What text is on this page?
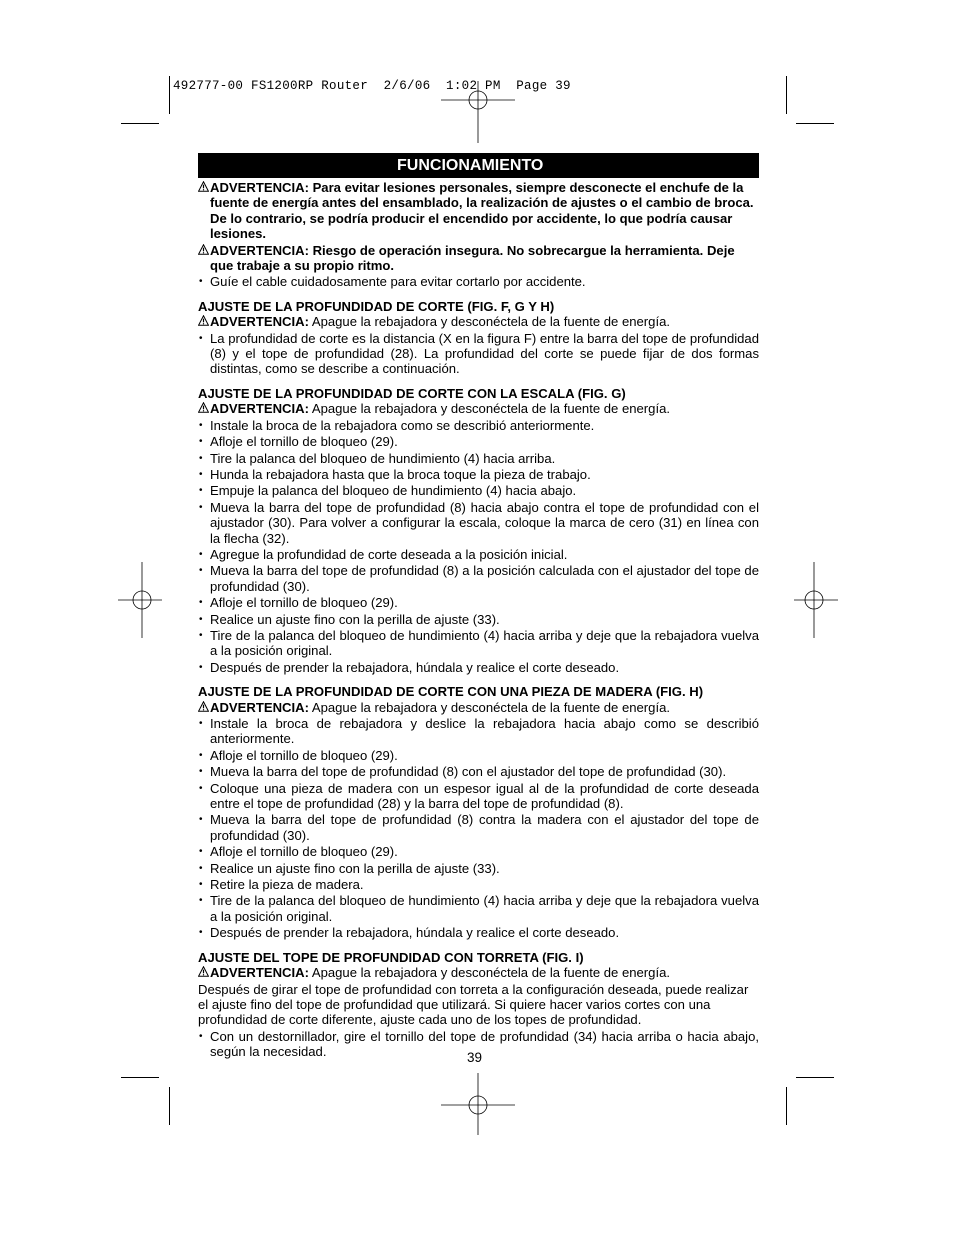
492777-00 FS1200RP Router  2/6/06  1:02 PM  Page 39
FUNCIONAMIENTO
ADVERTENCIA: Para evitar lesiones personales, siempre desconecte el enchufe de la fuente de energía antes del ensamblado, la realización de ajustes o el cambio de broca. De lo contrario, se podría producir el encendido por accidente, lo que podría causar lesiones.
ADVERTENCIA: Riesgo de operación insegura. No sobrecargue la herramienta. Deje que trabaje a su propio ritmo.
• Guíe el cable cuidadosamente para evitar cortarlo por accidente.
AJUSTE DE LA PROFUNDIDAD DE CORTE (FIG. F, G Y H)
ADVERTENCIA: Apague la rebajadora y desconéctela de la fuente de energía.
• La profundidad de corte es la distancia (X en la figura F) entre la barra del tope de profundidad (8) y el tope de profundidad (28). La profundidad del corte se puede fijar de dos formas distintas, como se describe a continuación.
AJUSTE DE LA PROFUNDIDAD DE CORTE CON LA ESCALA (FIG. G)
ADVERTENCIA: Apague la rebajadora y desconéctela de la fuente de energía.
• Instale la broca de la rebajadora como se describió anteriormente.
• Afloje el tornillo de bloqueo (29).
• Tire la palanca del bloqueo de hundimiento (4) hacia arriba.
• Hunda la rebajadora hasta que la broca toque la pieza de trabajo.
• Empuje la palanca del bloqueo de hundimiento (4) hacia abajo.
• Mueva la barra del tope de profundidad (8) hacia abajo contra el tope de profundidad con el ajustador (30). Para volver a configurar la escala, coloque la marca de cero (31) en línea con la flecha (32).
• Agregue la profundidad de corte deseada a la posición inicial.
• Mueva la barra del tope de profundidad (8) a la posición calculada con el ajustador del tope de profundidad (30).
• Afloje el tornillo de bloqueo (29).
• Realice un ajuste fino con la perilla de ajuste (33).
• Tire de la palanca del bloqueo de hundimiento (4) hacia arriba y deje que la rebajadora vuelva a la posición original.
• Después de prender la rebajadora, húndala y realice el corte deseado.
AJUSTE DE LA PROFUNDIDAD DE CORTE CON UNA PIEZA DE MADERA (FIG. H)
ADVERTENCIA: Apague la rebajadora y desconéctela de la fuente de energía.
• Instale la broca de rebajadora y deslice la rebajadora hacia abajo como se describió anteriormente.
• Afloje el tornillo de bloqueo (29).
• Mueva la barra del tope de profundidad (8) con el ajustador del tope de profundidad (30).
• Coloque una pieza de madera con un espesor igual al de la profundidad de corte deseada entre el tope de profundidad (28) y la barra del tope de profundidad (8).
• Mueva la barra del tope de profundidad (8) contra la madera con el ajustador del tope de profundidad (30).
• Afloje el tornillo de bloqueo (29).
• Realice un ajuste fino con la perilla de ajuste (33).
• Retire la pieza de madera.
• Tire de la palanca del bloqueo de hundimiento (4) hacia arriba y deje que la rebajadora vuelva a la posición original.
• Después de prender la rebajadora, húndala y realice el corte deseado.
AJUSTE DEL TOPE DE PROFUNDIDAD CON TORRETA (FIG. I)
ADVERTENCIA: Apague la rebajadora y desconéctela de la fuente de energía.
Después de girar el tope de profundidad con torreta a la configuración deseada, puede realizar el ajuste fino del tope de profundidad que utilizará. Si quiere hacer varios cortes con una profundidad de corte diferente, ajuste cada uno de los topes de profundidad.
• Con un destornillador, gire el tornillo del tope de profundidad (34) hacia arriba o hacia abajo, según la necesidad.	39
